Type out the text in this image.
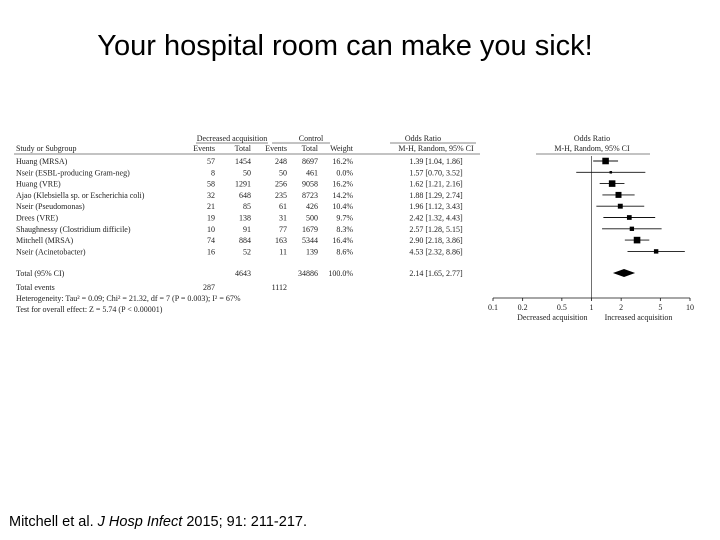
Your hospital room can make you sick!
Decreased acquisition	Control	Odds Ratio
Study or Subgroup	Events Total Events Total Weight	M-H, Random, 95% CI
Huang (MRSA)	57	1454	248 8697 16.2%	1.39 [1.04, 1.86]
Nseir (ESBL-producing Gram-neg)	8	50	50 461 0.0%	1.57 [0.70, 3.52]
Huang (VRE)	58	1291	256 9058 16.2%	1.62 [1.21, 2.16]
Ajao (Klebsiella sp. or Escherichia coli)	32	648	235 8723 14.2%	1.88 [1.29, 2.74]
Nseir (Pseudomonas)	21	85	61 426 10.4%	1.96 [1.12, 3.43]
Drees (VRE)	19	138	31 500 9.7%	2.42 [1.32, 4.43]
Shaughnessy (Clostridium difficile)	10	91	77 1679 8.3%	2.57 [1.28, 5.15]
Mitchell (MRSA)	74	884	163 5344 16.4%	2.90 [2.18, 3.86]
Nseir (Acinetobacter)	16	52	11 139 8.6%	4.53 [2.32, 8.86]
Total (95% CI)	4643	34886 100.0%	2.14 [1.65, 2.77]
Total events	287	1112
Heterogeneity: Tau² = 0.09; Chi² = 21.32, df = 7 (P = 0.003); I² = 67%
Test for overall effect: Z = 5.74 (P < 0.00001)
Odds Ratio
M-H, Random, 95% CI
0.1 0.2	0.5	1	2	5	10
Decreased acquisition Increased acquisition
Mitchell et al. J Hosp Infect 2015; 91: 211-217.
